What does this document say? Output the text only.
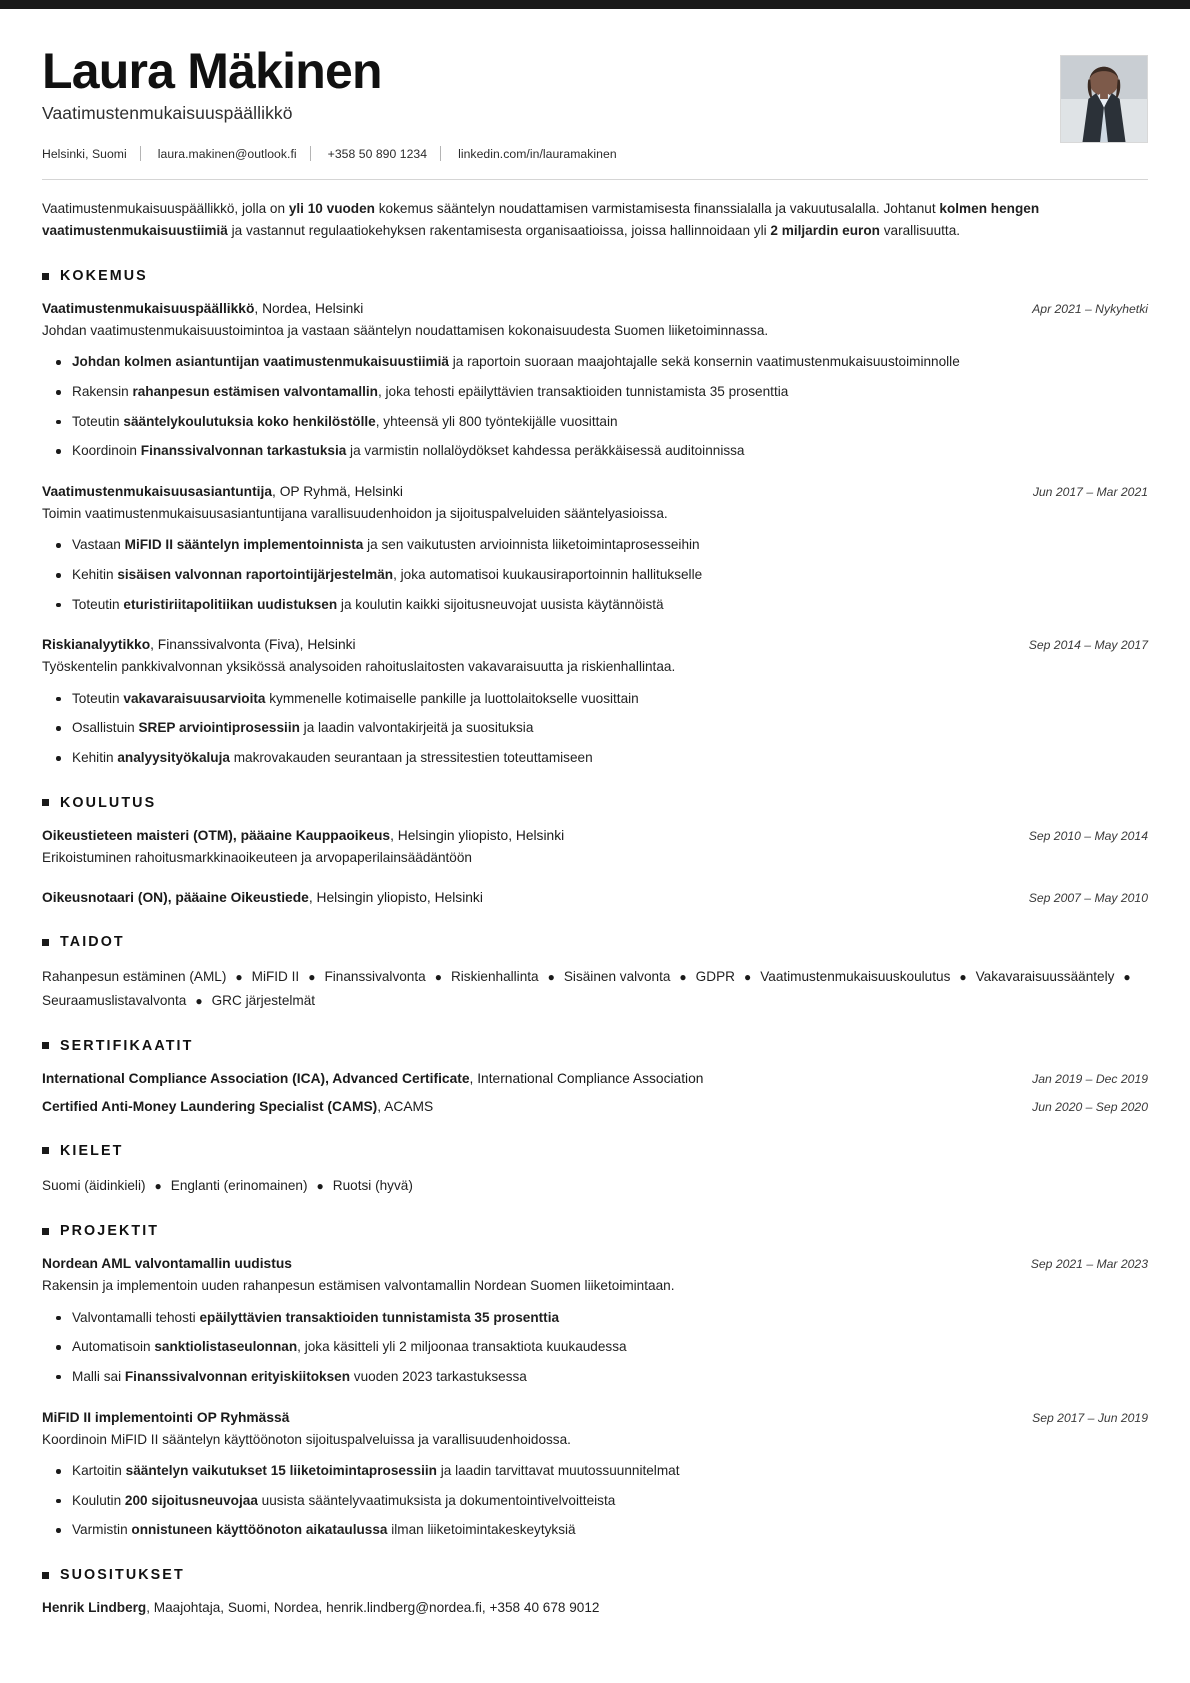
Laura Mäkinen
Vaatimustenmukaisuuspäällikkö
Helsinki, Suomi	laura.makinen@outlook.fi	+358 50 890 1234	linkedin.com/in/lauramakinen

Vaatimustenmukaisuuspäällikkö, jolla on yli 10 vuoden kokemus sääntelyn noudattamisen varmistamisesta finanssialalla ja vakuutusalalla. Johtanut kolmen hengen vaatimustenmukaisuustiimiä ja vastannut regulaatiokehyksen rakentamisesta organisaatioissa, joissa hallinnoidaan yli 2 miljardin euron varallisuutta.

KOKEMUS
Vaatimustenmukaisuuspäällikkö, Nordea, Helsinki	Apr 2021 – Nykyhetki
Johdan vaatimustenmukaisuustoimintoa ja vastaan sääntelyn noudattamisen kokonaisuudesta Suomen liiketoiminnassa.
Johdan kolmen asiantuntijan vaatimustenmukaisuustiimiä ja raportoin suoraan maajohtajalle sekä konsernin vaatimustenmukaisuustoiminnolle
Rakensin rahanpesun estämisen valvontamallin, joka tehosti epäilyttävien transaktioiden tunnistamista 35 prosenttia
Toteutin sääntelykoulutuksia koko henkilöstölle, yhteensä yli 800 työntekijälle vuosittain
Koordinoin Finanssivalvonnan tarkastuksia ja varmistin nollalöydökset kahdessa peräkkäisessä auditoinnissa
Vaatimustenmukaisuusasiantuntija, OP Ryhmä, Helsinki	Jun 2017 – Mar 2021
Toimin vaatimustenmukaisuusasiantuntijana varallisuudenhoidon ja sijoituspalveluiden sääntelyasioissa.
Vastaan MiFID II sääntelyn implementoinnista ja sen vaikutusten arvioinnista liiketoimintaprosesseihin
Kehitin sisäisen valvonnan raportointijärjestelmän, joka automatisoi kuukausiraportoinnin hallitukselle
Toteutin eturistiriitapolitiikan uudistuksen ja koulutin kaikki sijoitusneuvojat uusista käytännöistä
Riskianalyytikko, Finanssivalvonta (Fiva), Helsinki	Sep 2014 – May 2017
Työskentelin pankkivalvonnan yksikössä analysoiden rahoituslaitosten vakavaraisuutta ja riskienhallintaa.
Toteutin vakavaraisuusarvioita kymmenelle kotimaiselle pankille ja luottolaitokselle vuosittain
Osallistuin SREP arviointiprosessiin ja laadin valvontakirjeitä ja suosituksia
Kehitin analyysityökaluja makrovakauden seurantaan ja stressitestien toteuttamiseen
KOULUTUS
Oikeustieteen maisteri (OTM), pääaine Kauppaoikeus, Helsingin yliopisto, Helsinki	Sep 2010 – May 2014
Erikoistuminen rahoitusmarkkinaoikeuteen ja arvopaperilainsäädäntöön
Oikeusnotaari (ON), pääaine Oikeustiede, Helsingin yliopisto, Helsinki	Sep 2007 – May 2010
TAIDOT
Rahanpesun estäminen (AML) ● MiFID II ● Finanssivalvonta ● Riskienhallinta ● Sisäinen valvonta ● GDPR ● Vaatimustenmukaisuuskoulutus ● Vakavaraisuussääntely ●Seuraamuslistavalvonta ● GRC järjestelmät
SERTIFIKAATIT
International Compliance Association (ICA), Advanced Certificate, International Compliance Association	Jan 2019 – Dec 2019
Certified Anti-Money Laundering Specialist (CAMS), ACAMS	Jun 2020 – Sep 2020
KIELET
Suomi (äidinkieli) ● Englanti (erinomainen) ● Ruotsi (hyvä)
PROJEKTIT
Nordean AML valvontamallin uudistus	Sep 2021 – Mar 2023
Rakensin ja implementoin uuden rahanpesun estämisen valvontamallin Nordean Suomen liiketoimintaan.
Valvontamalli tehosti epäilyttävien transaktioiden tunnistamista 35 prosenttia
Automatisoin sanktiolistaseulonnan, joka käsitteli yli 2 miljoonaa transaktiota kuukaudessa
Malli sai Finanssivalvonnan erityiskiitoksen vuoden 2023 tarkastuksessa
MiFID II implementointi OP Ryhmässä	Sep 2017 – Jun 2019
Koordinoin MiFID II sääntelyn käyttöönoton sijoituspalveluissa ja varallisuudenhoidossa.
Kartoitin sääntelyn vaikutukset 15 liiketoimintaprosessiin ja laadin tarvittavat muutossuunnitelmat
Koulutin 200 sijoitusneuvojaa uusista sääntelyvaatimuksista ja dokumentointivelvoitteista
Varmistin onnistuneen käyttöönoton aikataulussa ilman liiketoimintakeskeytyksiä
SUOSITUKSET
Henrik Lindberg, Maajohtaja, Suomi, Nordea, henrik.lindberg@nordea.fi, +358 40 678 9012
